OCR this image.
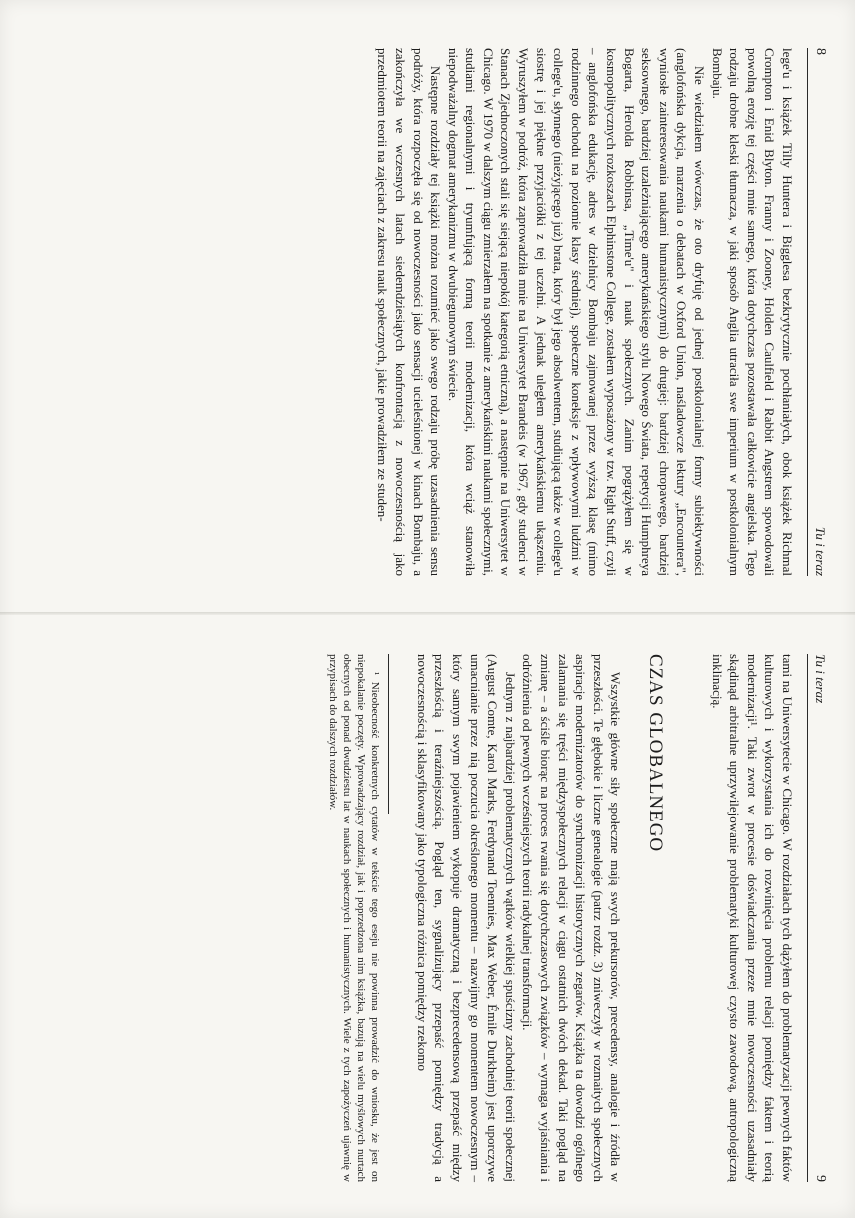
8
Tu i teraz

lege'u i książek Tilly Huntera i Bigglesa bezkrytycznie pochłaniałych, obok książek Richmal Crompton i Enid Blyton. Franny i Zooney, Holden Caulfield i Rabbit Angstrem spowodowali powolną erozję tej części mnie samego, która dotychczas pozostawała całkowicie angielska. Tego rodzaju drobne kleski tłumacza, w jaki sposób Anglia utraciła swe imperium w postkolonialnym Bombaju.

Nie wiedziałem wówczas, że oto dryfuję od jednej postkolonialnej formy subiektywności (anglofońska dykcja, marzenia o debatach w Oxford Union, naśladowcze lektury „Encountera", wyniosłe zainteresowania naukami humanistycznymi) do drugiej: bardziej chropawego, bardziej seksownego, bardziej uzależniającego amerykańskiego stylu Nowego Świata, repetycji Humphreya Bogarta, Herolda Robbinsa, „Time'u" i nauk społecznych. Zanim pogrążyłem się w kosmopolitycznych rozkoszach Elphinstone College, zostałem wyposażony w tzw. Right Stuff, czyli – anglofońska edukację, adres w dzielnicy Bombaju zajmowanej przez wyższą klasę (mimo rodzinnego dochodu na poziomie klasy średniej), społeczne koneksje z wpływowymi ludźmi w college'u, słynnego (nieżyjącego już) brata, który był jego absolwentem, studiującą także w college'u siostrę i jej piękne przyjaciółki z tej uczelni. A jednak uległem amerykańskiemu ukąszeniu. Wyruszyłem w podróż, która zaprowadziła mnie na Uniwersytet Brandeis (w 1967, gdy studenci w Stanach Zjednoczonych stali się siejącą niepokój kategorią etniczną), a następnie na Uniwersytet w Chicago. W 1970 w dalszym ciągu zmierzałem na spotkanie z amerykańskimi naukami społecznymi, studiami regionalnymi i tryumfującą formą teorii modernizacji, która wciąż stanowiła niepodważalny dogmat amerykanizmu w dwubiegunowym świecie.

Następne rozdziały tej książki można rozumieć jako swego rodzaju próbę uzasadnienia sensu podróży, która rozpoczęła się od nowoczesności jako sensacji ucieleśnionej w kinach Bombaju, a zakończyła we wczesnych latach siedemdziesiątych konfrontacją z nowoczesnością jako przedmiotem teorii na zajęciach z zakresu nauk społecznych, jakie prowadziłem ze studen-

Tu i teraz
9

tami na Uniwersytecie w Chicago. W rozdziałach tych dążyłem do problematyzacji pewnych faktów kulturowych i wykorzystania ich do rozwinięcia problemu relacji pomiędzy faktem i teorią modernizacji¹. Taki zwrot w procesie doświadczania przeze mnie nowoczesności uzasadniały skądinąd arbitralne uprzywilejowanie problematyki kulturowej czysto zawodową, antropologiczną inklinacją.

CZAS GLOBALNEGO

Wszystkie główne siły społeczne mają swych prekursorów, precedensy, analogie i źródła w przeszłości. Te głębokie i liczne genealogie (patrz rozdz. 3) zniweczyły w rozmaitych społecznych aspiracje modernizatorów do synchronizacji historycznych zegarów. Książka ta dowodzi ogólnego zalamania się tręści międzyspołecznych relacji w ciągu ostatnich dwóch dekad. Taki pogląd na zmianę – a ściśle biorąc na proces rwania się dotychczasowych związków – wymaga wyjaśniania i odróżnienia od pewnych wcześniejszych teorii radykalnej transformacji.

Jednym z najbardziej problematycznych wątków wielkiej spuścizny zachodniej teorii społecznej (August Comte, Karol Marks, Ferdynand Toennies, Max Weber, Émile Durkheim) jest uporczywe umacnianie przez nią poczucia określonego momentu – nazwijmy go momentem nowoczesnym – który samym swym pojawieniem wykopuje dramatyczną i bezprecedensową przepaść między przeszłością i teraźniejszością. Pogląd ten, sygnalizujący przepaść pomiędzy tradycją a nowoczesnością i sklasyfikowany jako typologiczna różnica pomiędzy rzekomo

¹ Nieobecność konkretnych cytatów w tekście tego eseju nie powinna prowadzić do wniosku, że jest on niepokalanie poczęty. Wprowadzający rozdział, jak i poprzedzona nim książka, bazują na wielu myślowych nurtach obecnych od ponad dwudziestu lat w naukach społecznych i humanistycznych. Wiele z tych zapożyczeń ujawnię w przypisach do dalszych rozdziałów.
